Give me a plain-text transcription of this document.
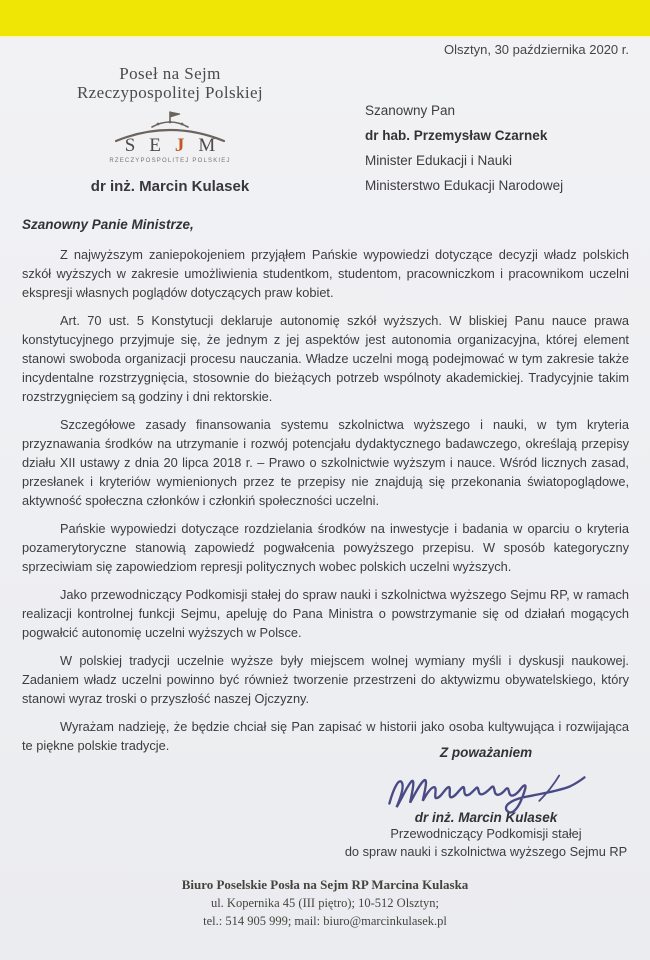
Olsztyn, 30 października 2020 r.
Poseł na Sejm
Rzeczypospolitej Polskiej
S E J M
RZECZYPOSPOLITEJ POLSKIEJ
dr inż. Marcin Kulasek
Szanowny Pan
dr hab. Przemysław Czarnek
Minister Edukacji i Nauki
Ministerstwo Edukacji Narodowej
Szanowny Panie Ministrze,

Z najwyższym zaniepokojeniem przyjąłem Pańskie wypowiedzi dotyczące decyzji władz polskich szkół wyższych w zakresie umożliwienia studentkom, studentom, pracowniczkom i pracownikom uczelni ekspresji własnych poglądów dotyczących praw kobiet.

Art. 70 ust. 5 Konstytucji deklaruje autonomię szkół wyższych. W bliskiej Panu nauce prawa konstytucyjnego przyjmuje się, że jednym z jej aspektów jest autonomia organizacyjna, której element stanowi swoboda organizacji procesu nauczania. Władze uczelni mogą podejmować w tym zakresie także incydentalne rozstrzygnięcia, stosownie do bieżących potrzeb wspólnoty akademickiej. Tradycyjnie takim rozstrzygnięciem są godziny i dni rektorskie.

Szczegółowe zasady finansowania systemu szkolnictwa wyższego i nauki, w tym kryteria przyznawania środków na utrzymanie i rozwój potencjału dydaktycznego badawczego, określają przepisy działu XII ustawy z dnia 20 lipca 2018 r. – Prawo o szkolnictwie wyższym i nauce. Wśród licznych zasad, przesłanek i kryteriów wymienionych przez te przepisy nie znajdują się przekonania światopoglądowe, aktywność społeczna członków i członkiń społeczności uczelni.

Pańskie wypowiedzi dotyczące rozdzielania środków na inwestycje i badania w oparciu o kryteria pozamerytoryczne stanowią zapowiedź pogwałcenia powyższego przepisu. W sposób kategoryczny sprzeciwiam się zapowiedziom represji politycznych wobec polskich uczelni wyższych.

Jako przewodniczący Podkomisji stałej do spraw nauki i szkolnictwa wyższego Sejmu RP, w ramach realizacji kontrolnej funkcji Sejmu, apeluję do Pana Ministra o powstrzymanie się od działań mogących pogwałcić autonomię uczelni wyższych w Polsce.

W polskiej tradycji uczelnie wyższe były miejscem wolnej wymiany myśli i dyskusji naukowej. Zadaniem władz uczelni powinno być również tworzenie przestrzeni do aktywizmu obywatelskiego, który stanowi wyraz troski o przyszłość naszej Ojczyzny.

Wyrażam nadzieję, że będzie chciał się Pan zapisać w historii jako osoba kultywująca i rozwijająca te piękne polskie tradycje.	Z poważaniem
dr inż. Marcin Kulasek
Przewodniczący Podkomisji stałej
do spraw nauki i szkolnictwa wyższego Sejmu RP
Biuro Poselskie Posła na Sejm RP Marcina Kulaska
ul. Kopernika 45 (III piętro); 10-512 Olsztyn;
tel.: 514 905 999; mail: biuro@marcinkulasek.pl
